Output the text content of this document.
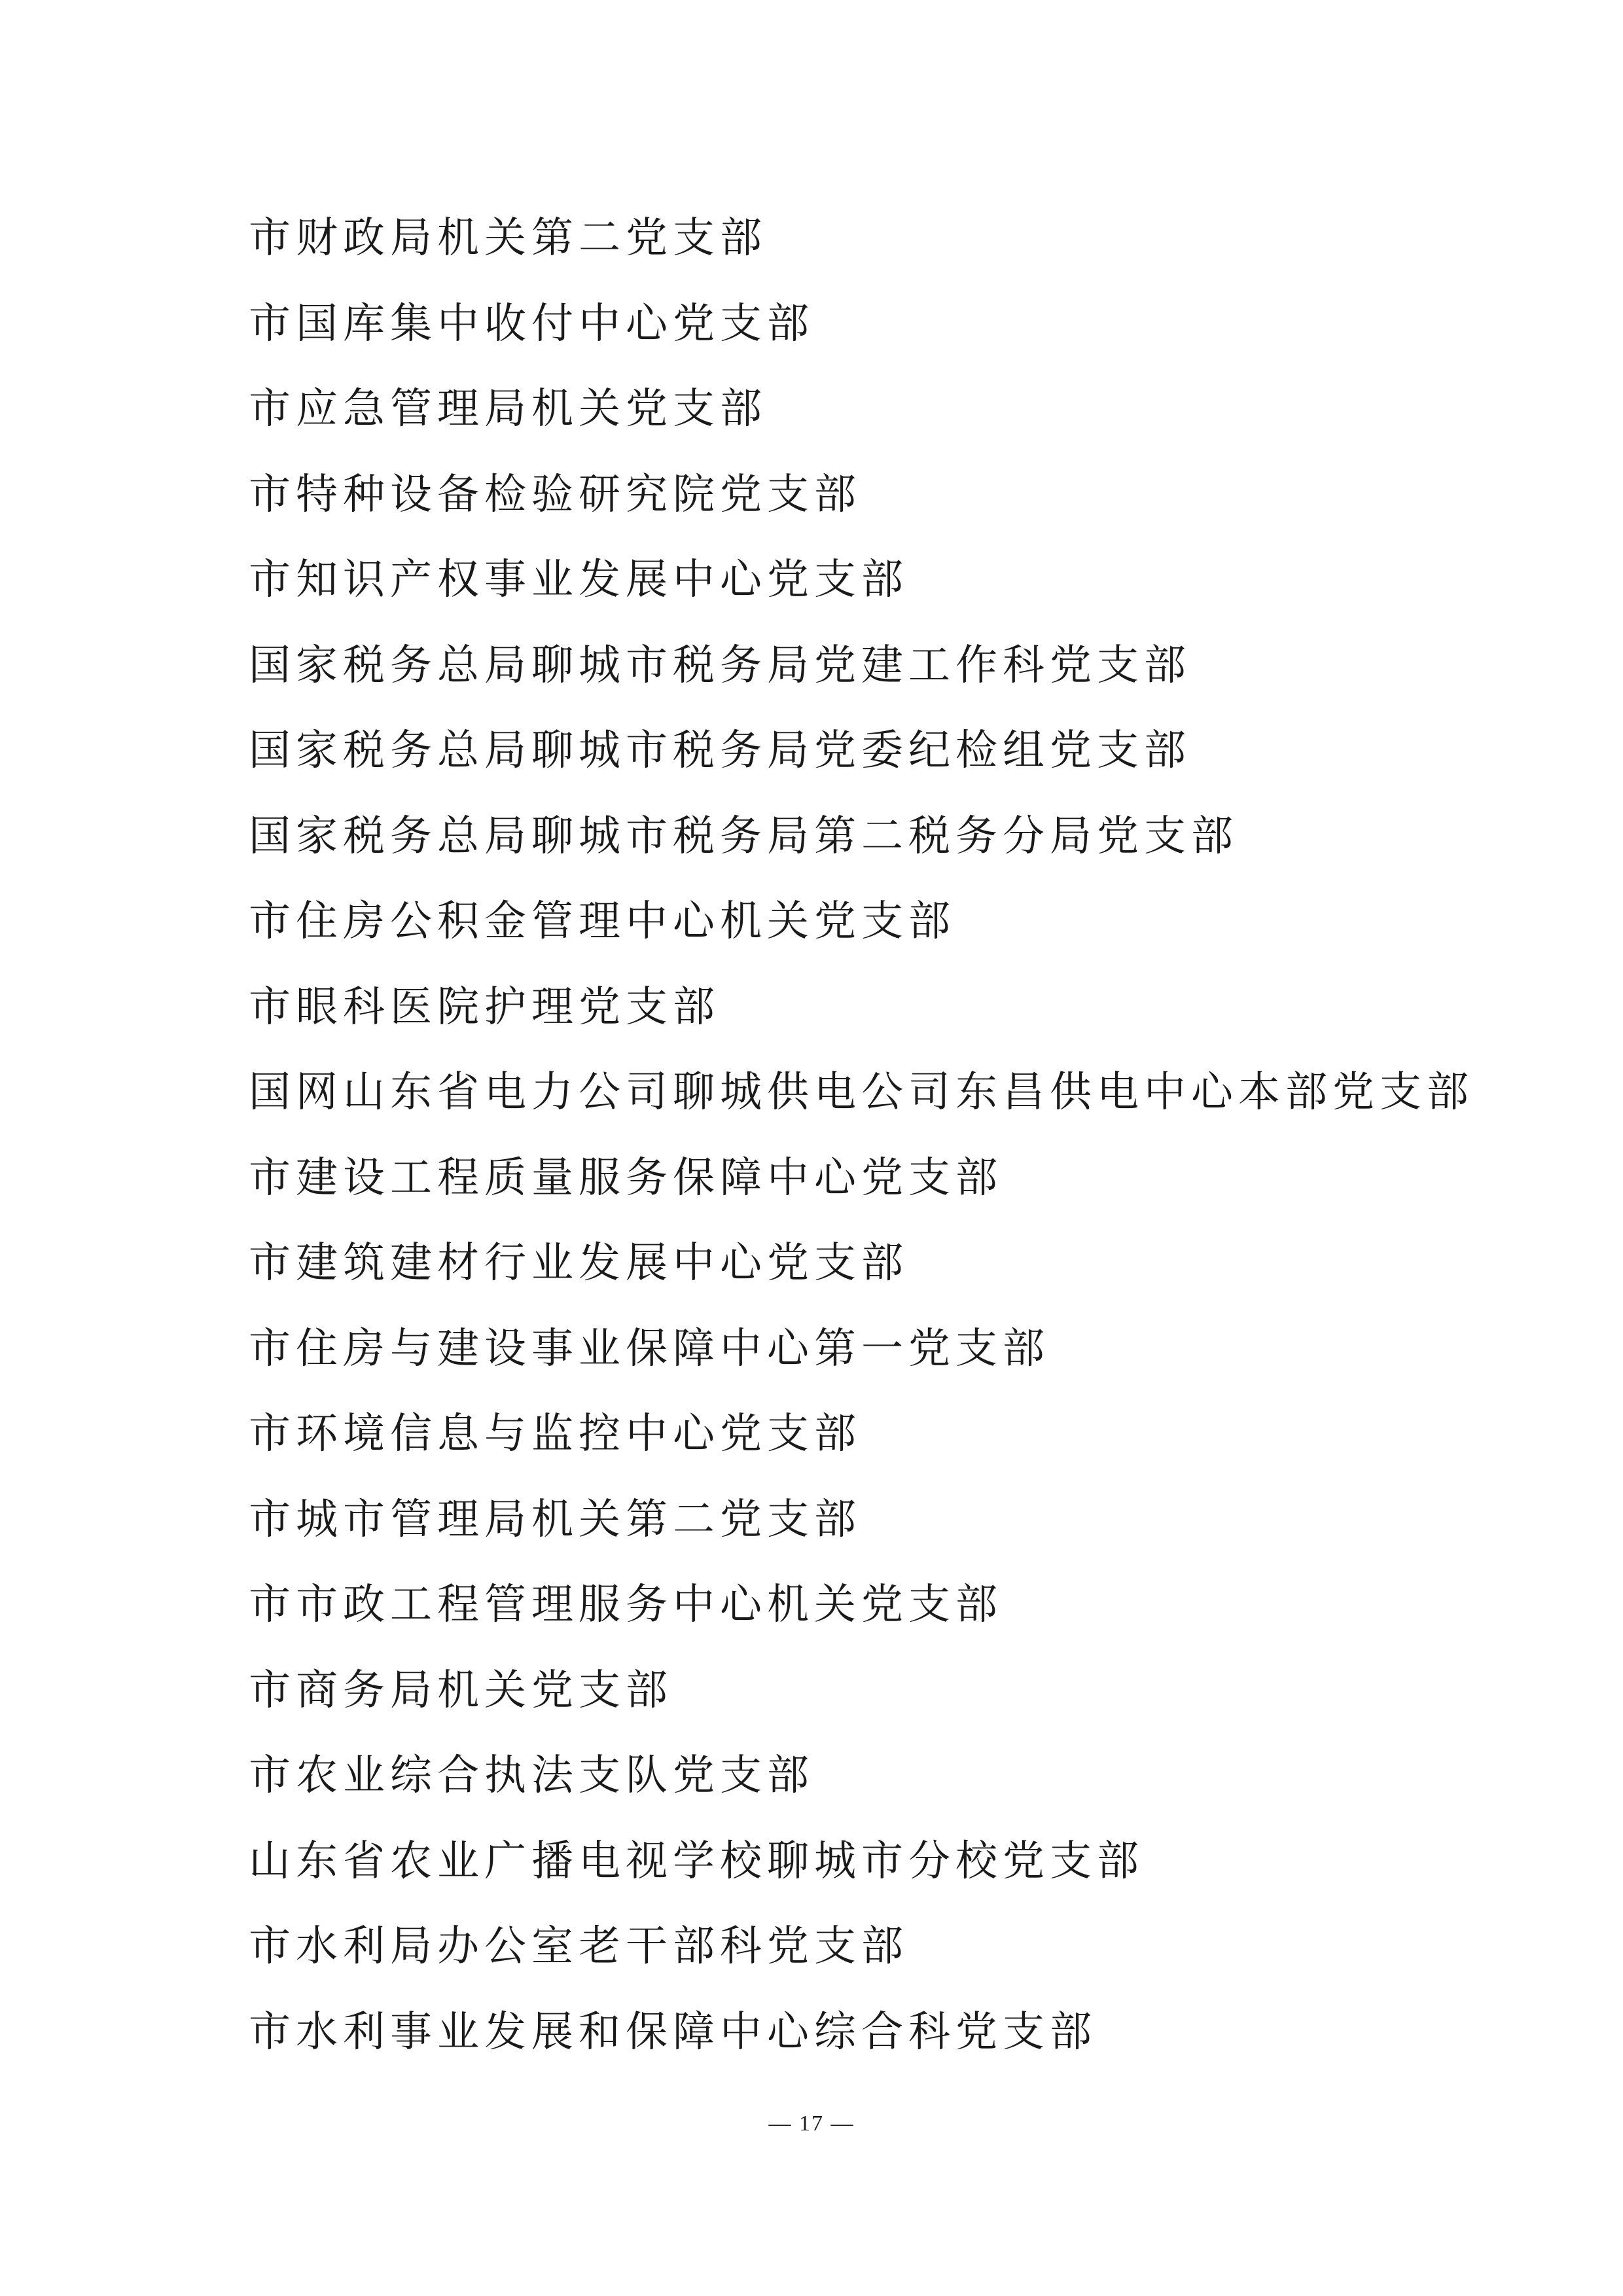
市财政局机关第二党支部
市国库集中收付中心党支部
市应急管理局机关党支部
市特种设备检验研究院党支部
市知识产权事业发展中心党支部
国家税务总局聊城市税务局党建工作科党支部
国家税务总局聊城市税务局党委纪检组党支部
国家税务总局聊城市税务局第二税务分局党支部
市住房公积金管理中心机关党支部
市眼科医院护理党支部
国网山东省电力公司聊城供电公司东昌供电中心本部党支部
市建设工程质量服务保障中心党支部
市建筑建材行业发展中心党支部
市住房与建设事业保障中心第一党支部
市环境信息与监控中心党支部
市城市管理局机关第二党支部
市市政工程管理服务中心机关党支部
市商务局机关党支部
市农业综合执法支队党支部
山东省农业广播电视学校聊城市分校党支部
市水利局办公室老干部科党支部
市水利事业发展和保障中心综合科党支部
— 17 —
